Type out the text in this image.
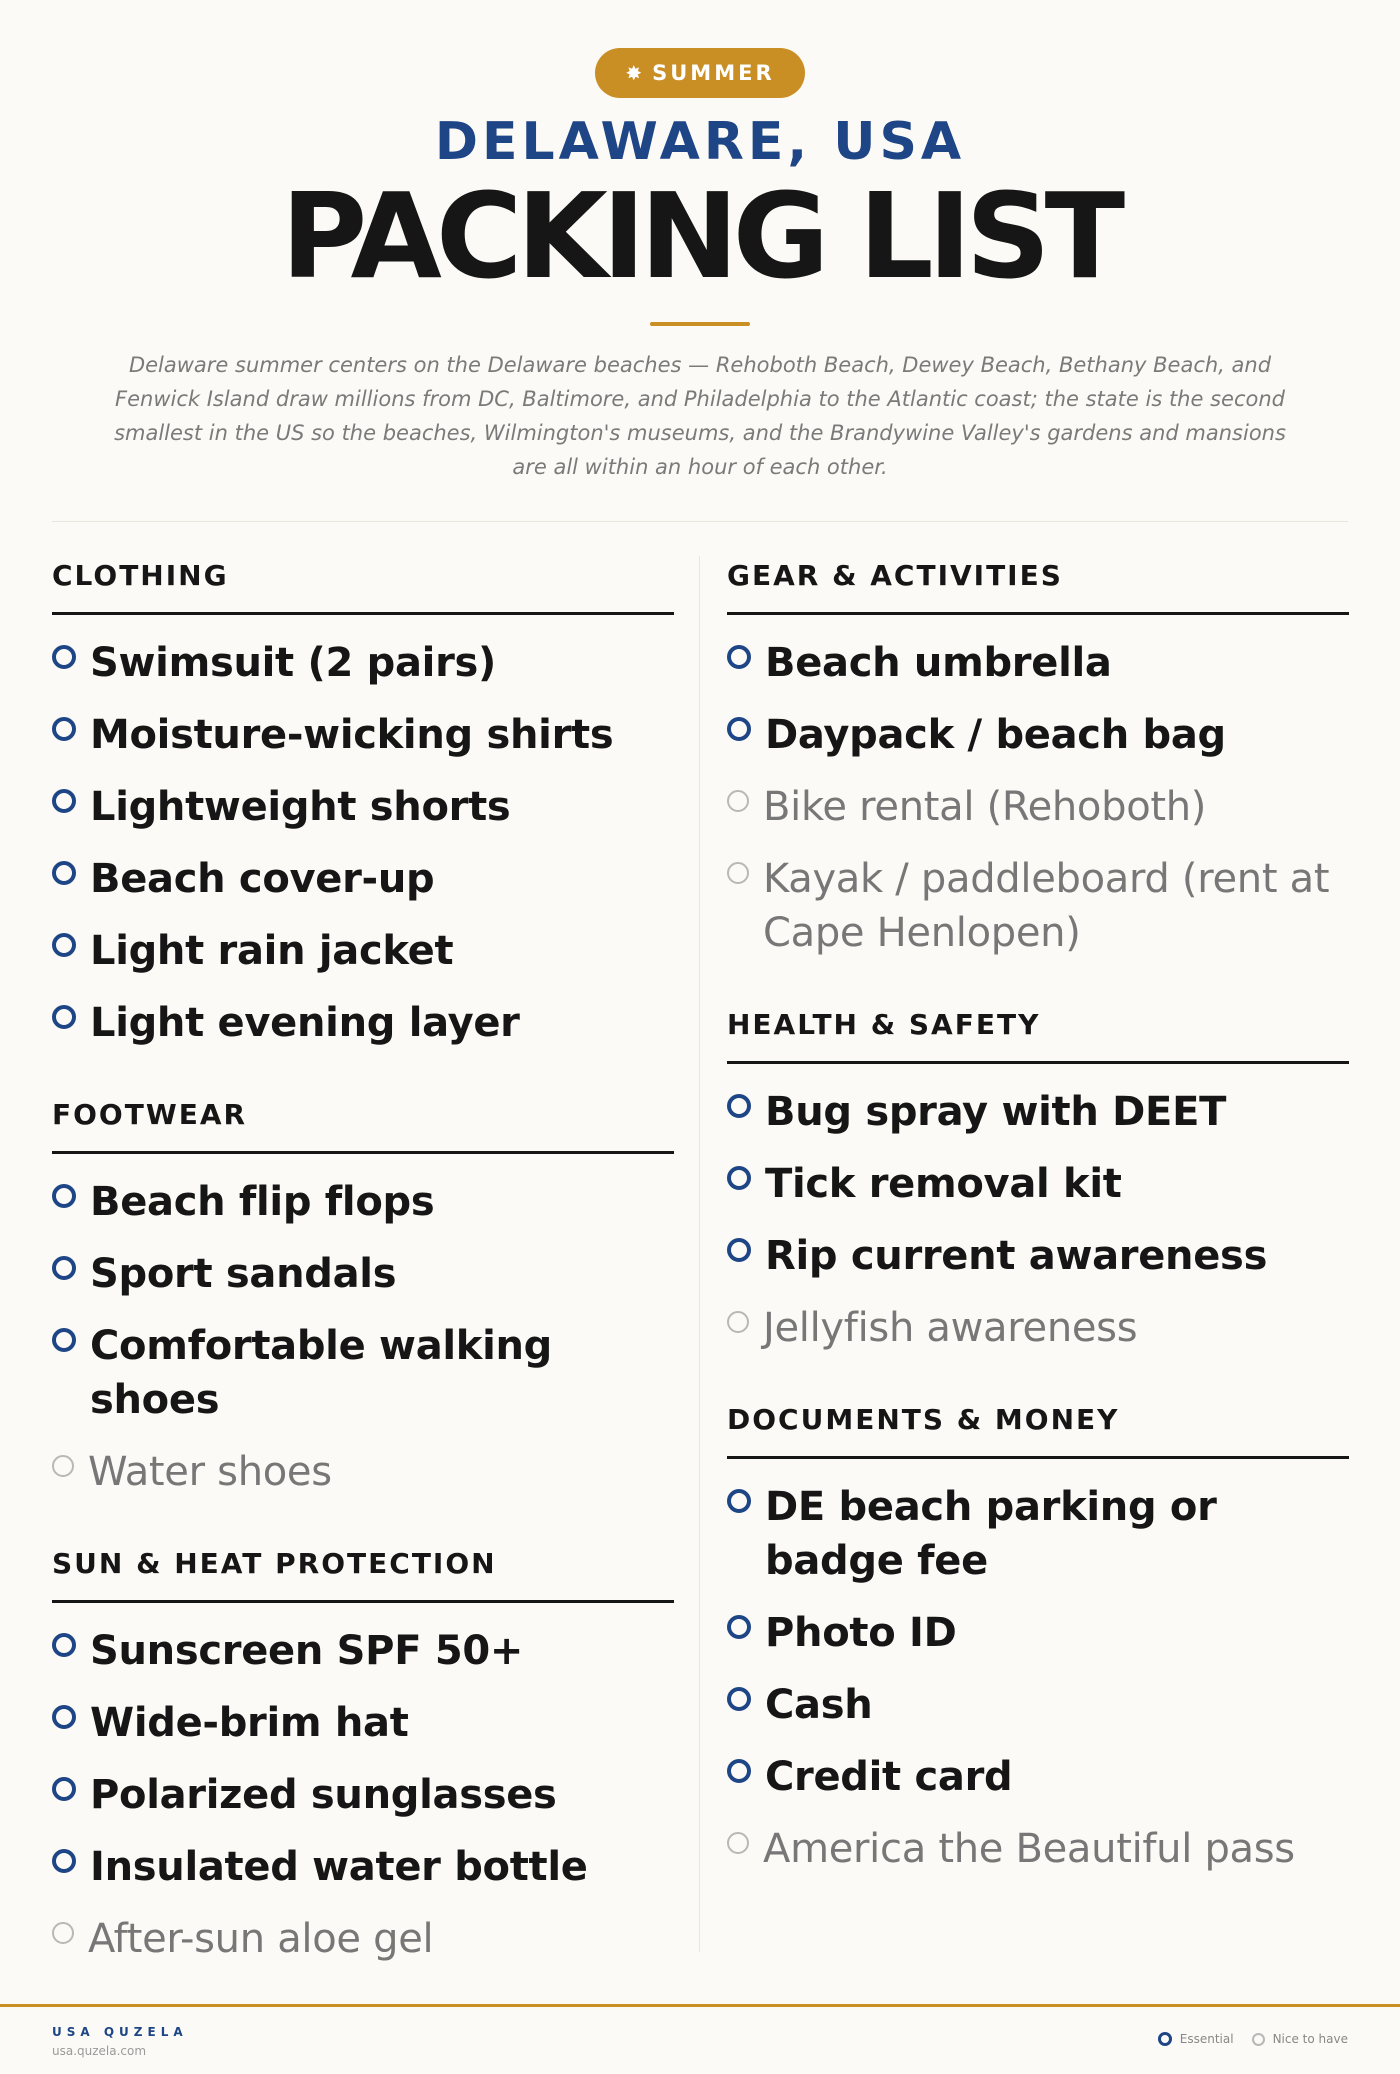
✸ SUMMER
DELAWARE, USA
PACKING LIST
Delaware summer centers on the Delaware beaches — Rehoboth Beach, Dewey Beach, Bethany Beach, and Fenwick Island draw millions from DC, Baltimore, and Philadelphia to the Atlantic coast; the state is the second smallest in the US so the beaches, Wilmington's museums, and the Brandywine Valley's gardens and mansions are all within an hour of each other.
CLOTHING
Swimsuit (2 pairs)
Moisture-wicking shirts
Lightweight shorts
Beach cover-up
Light rain jacket
Light evening layer
FOOTWEAR
Beach flip flops
Sport sandals
Comfortable walking shoes
Water shoes
SUN & HEAT PROTECTION
Sunscreen SPF 50+
Wide-brim hat
Polarized sunglasses
Insulated water bottle
After-sun aloe gel
GEAR & ACTIVITIES
Beach umbrella
Daypack / beach bag
Bike rental (Rehoboth)
Kayak / paddleboard (rent at Cape Henlopen)
HEALTH & SAFETY
Bug spray with DEET
Tick removal kit
Rip current awareness
Jellyfish awareness
DOCUMENTS & MONEY
DE beach parking or badge fee
Photo ID
Cash
Credit card
America the Beautiful pass
USA QUZELA
usa.quzela.com
Essential	Nice to have
